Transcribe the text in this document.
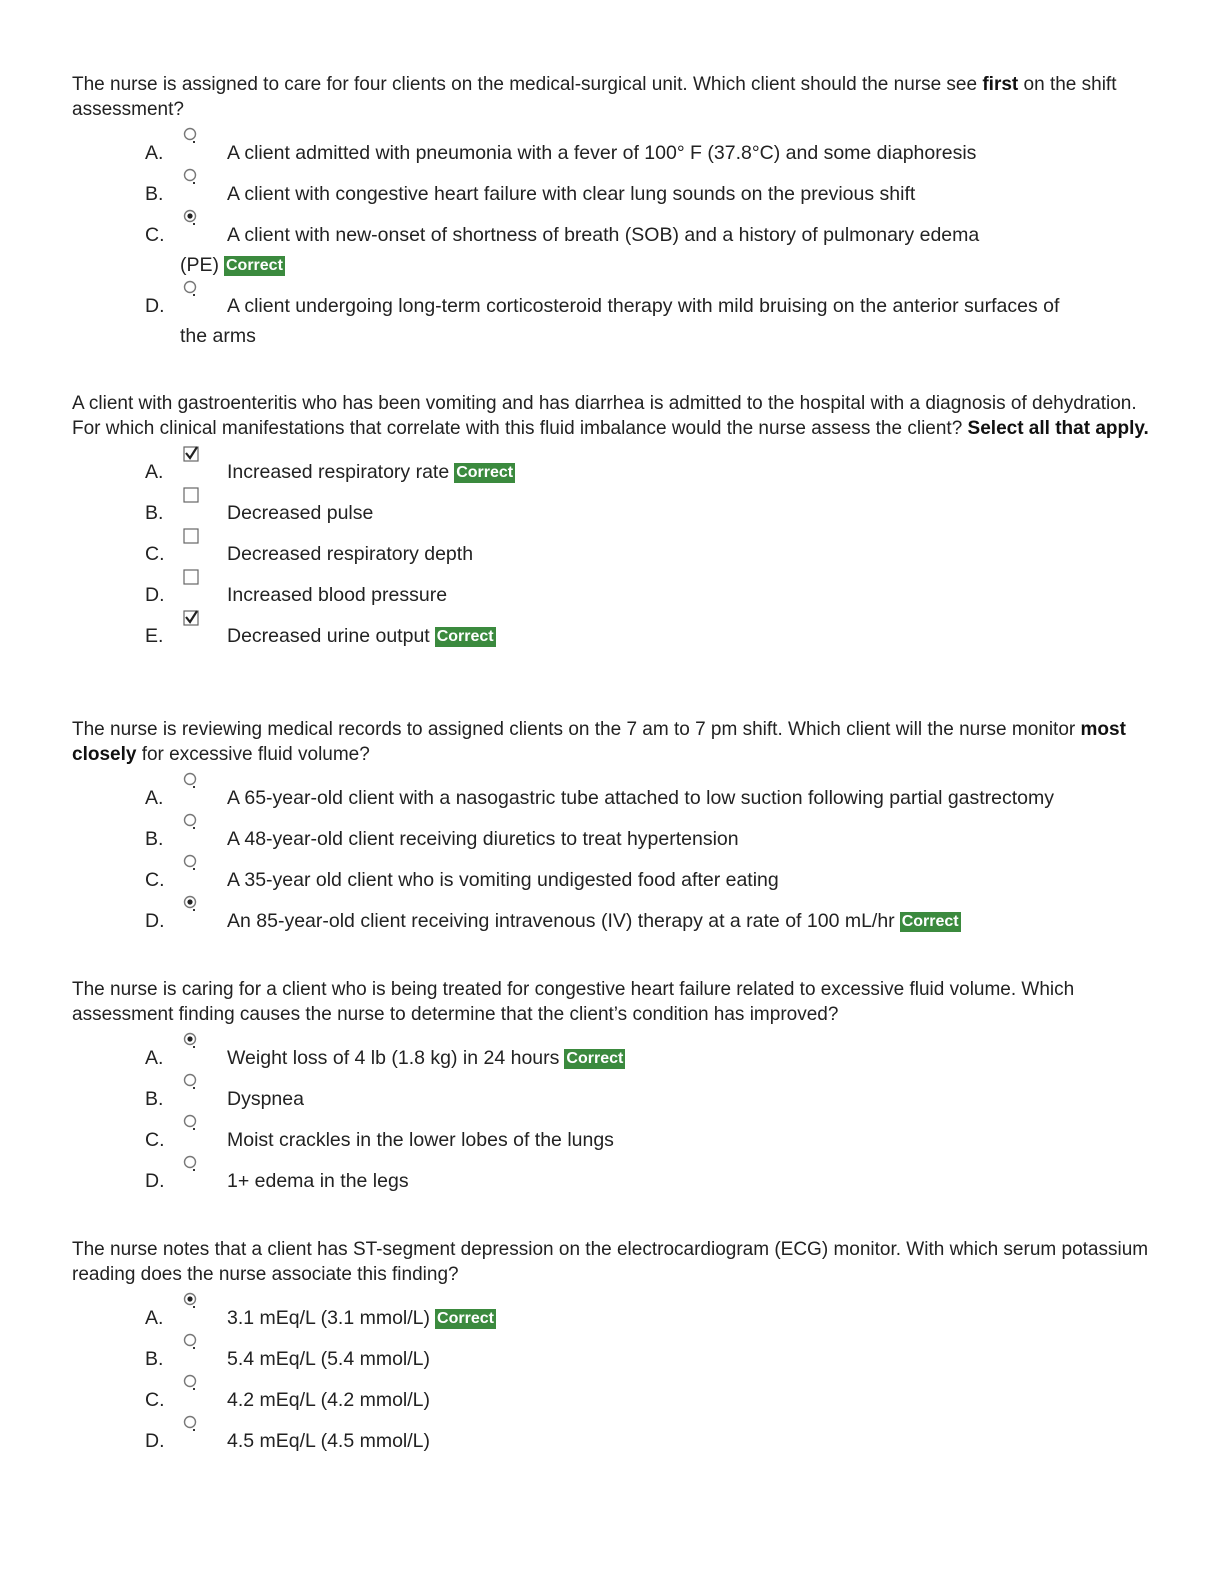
The nurse is assigned to care for four clients on the medical-surgical unit. Which client should the nurse see first on the shift assessment?

A.	A client admitted with pneumonia with a fever of 100° F (37.8°C) and some diaphoresis
B.	A client with congestive heart failure with clear lung sounds on the previous shift
C.	A client with new-onset of shortness of breath (SOB) and a history of pulmonary edema
(PE) Correct
D.	A client undergoing long-term corticosteroid therapy with mild bruising on the anterior surfaces of
the arms

A client with gastroenteritis who has been vomiting and has diarrhea is admitted to the hospital with a diagnosis of dehydration. For which clinical manifestations that correlate with this fluid imbalance would the nurse assess the client? Select all that apply.

A.	Increased respiratory rate Correct
B.	Decreased pulse
C.	Decreased respiratory depth
D.	Increased blood pressure
E.	Decreased urine output Correct

The nurse is reviewing medical records to assigned clients on the 7 am to 7 pm shift. Which client will the nurse monitor most closely for excessive fluid volume?

A.	A 65-year-old client with a nasogastric tube attached to low suction following partial gastrectomy
B.	A 48-year-old client receiving diuretics to treat hypertension
C.	A 35-year old client who is vomiting undigested food after eating
D.	An 85-year-old client receiving intravenous (IV) therapy at a rate of 100 mL/hr Correct

The nurse is caring for a client who is being treated for congestive heart failure related to excessive fluid volume. Which assessment finding causes the nurse to determine that the client’s condition has improved?

A.	Weight loss of 4 lb (1.8 kg) in 24 hours Correct
B.	Dyspnea
C.	Moist crackles in the lower lobes of the lungs
D.	1+ edema in the legs

The nurse notes that a client has ST-segment depression on the electrocardiogram (ECG) monitor. With which serum potassium reading does the nurse associate this finding?

A.	3.1 mEq/L (3.1 mmol/L) Correct
B.	5.4 mEq/L (5.4 mmol/L)
C.	4.2 mEq/L (4.2 mmol/L)
D.	4.5 mEq/L (4.5 mmol/L)
